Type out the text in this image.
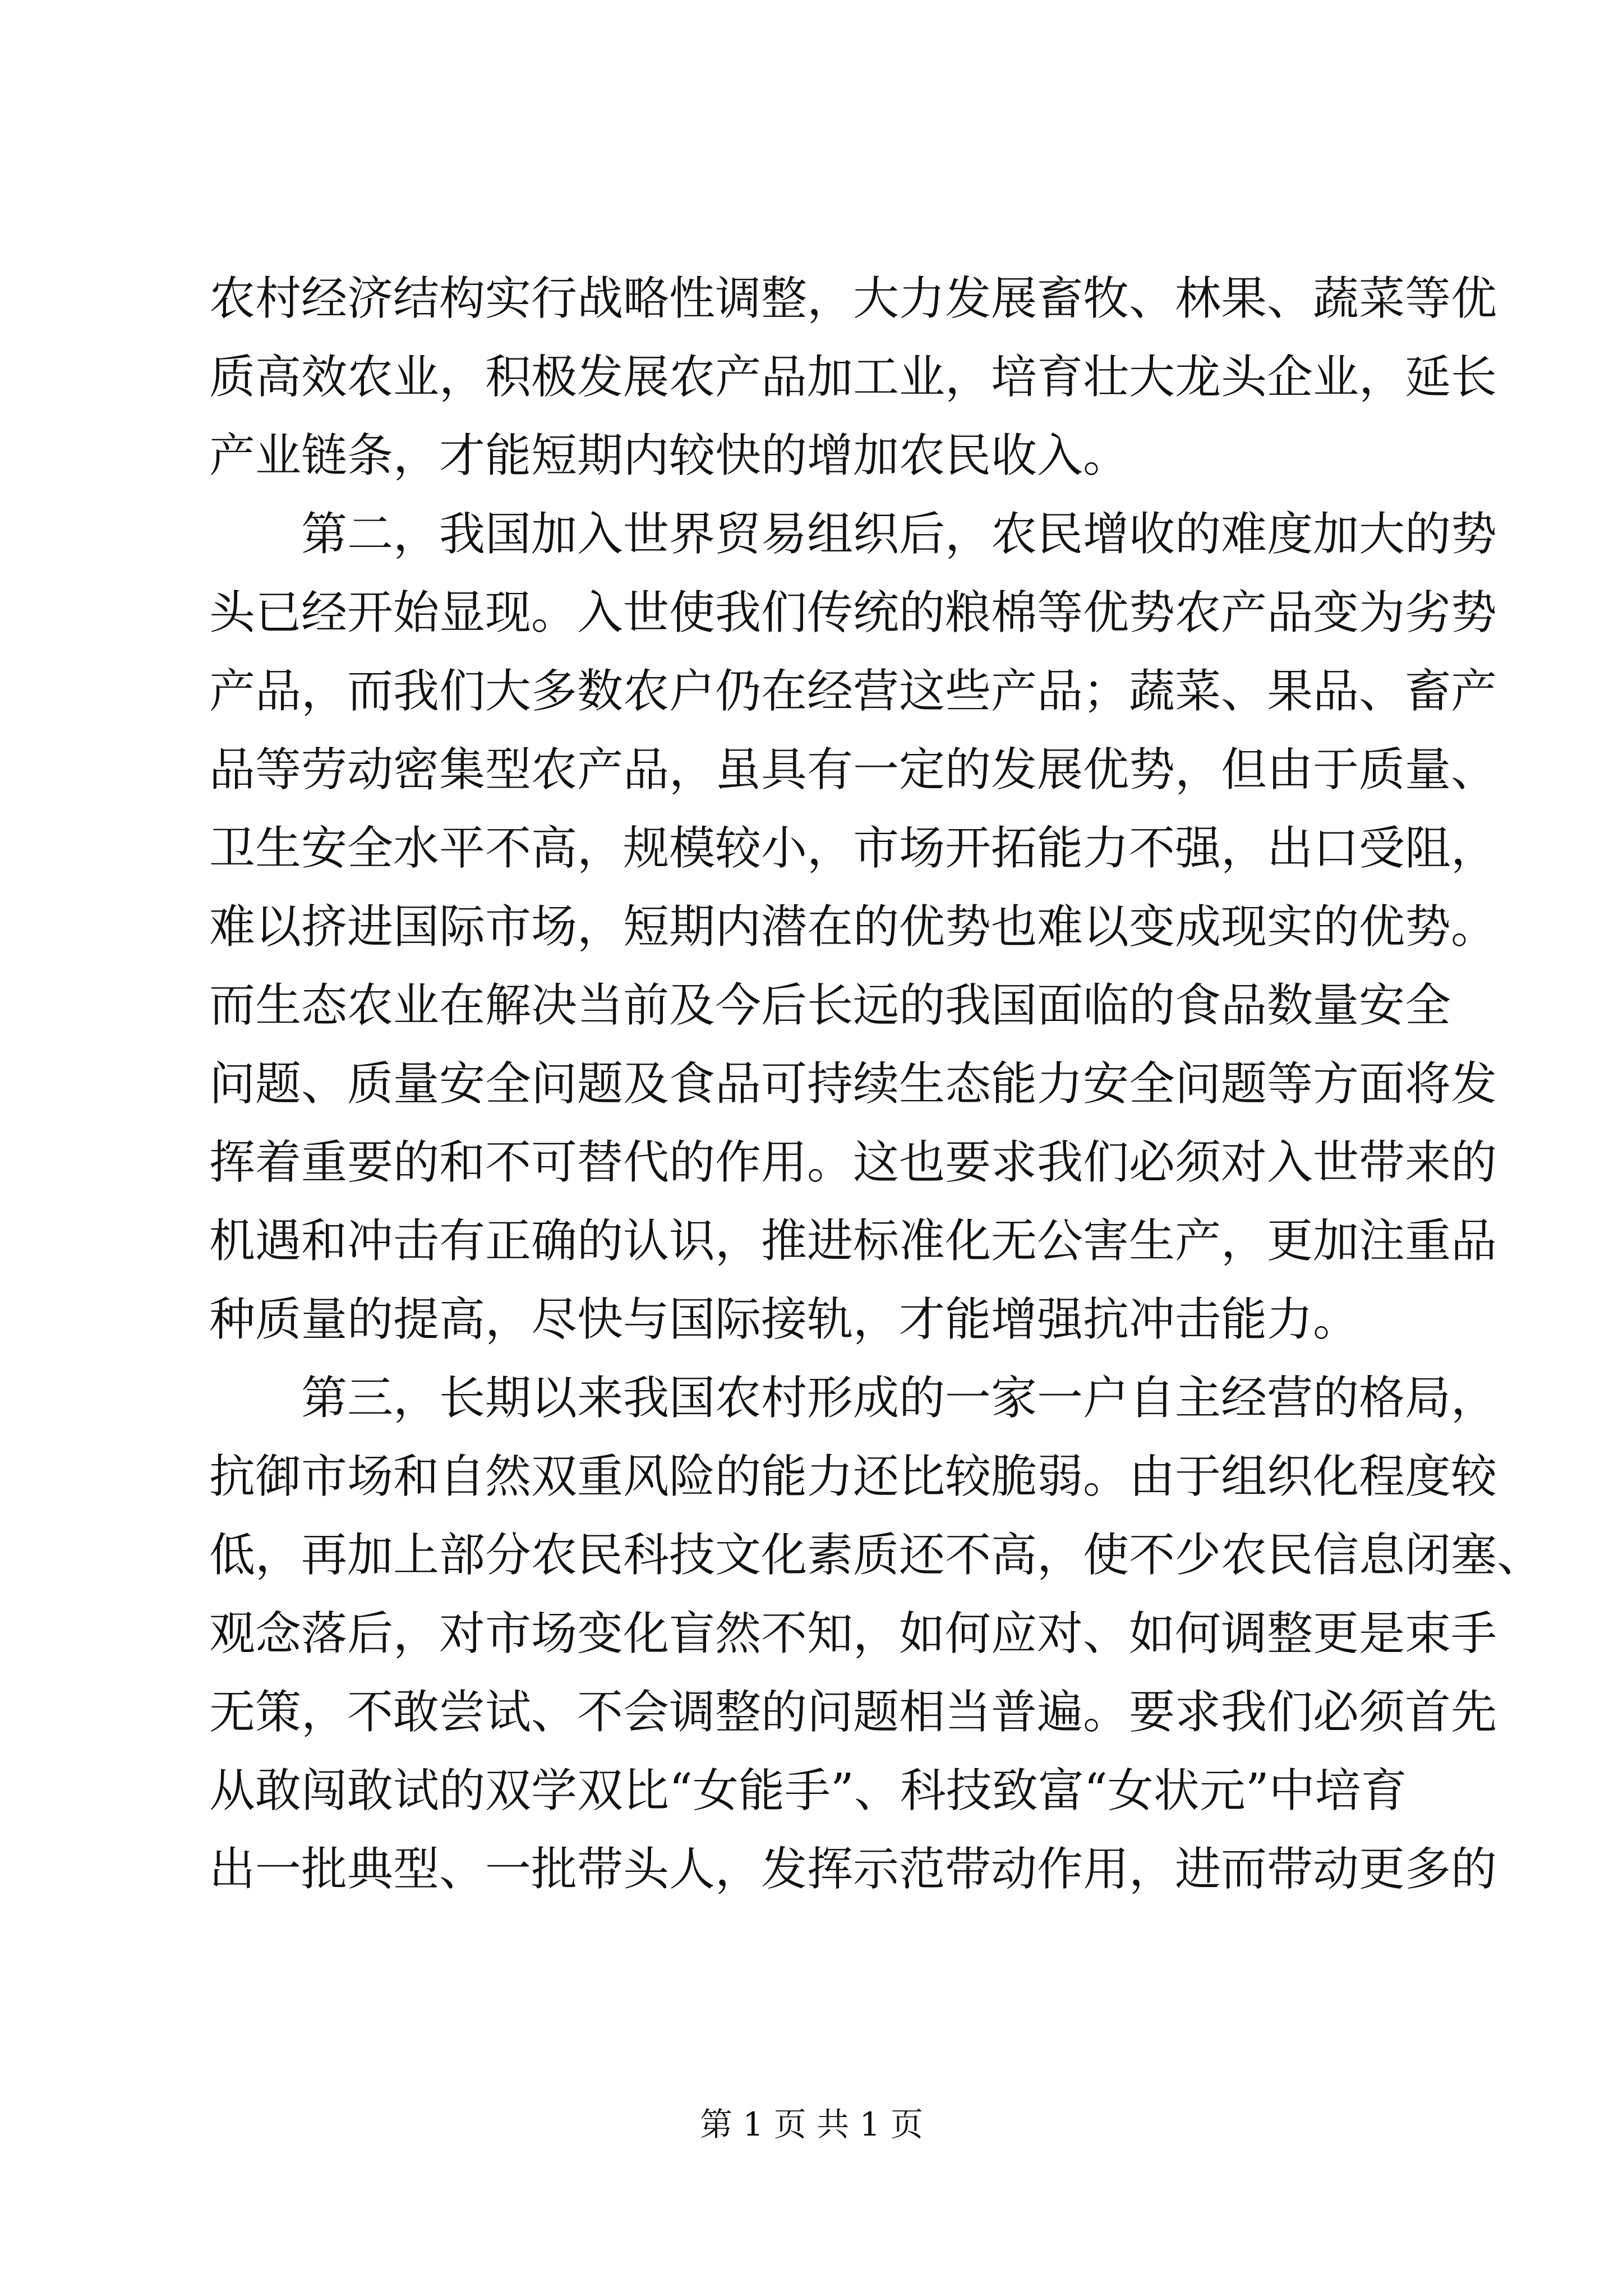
农村经济结构实行战略性调整，大力发展畜牧、林果、蔬菜等优
质高效农业，积极发展农产品加工业，培育壮大龙头企业，延长
产业链条，才能短期内较快的增加农民收入。
第二，我国加入世界贸易组织后，农民增收的难度加大的势
头已经开始显现。入世使我们传统的粮棉等优势农产品变为劣势
产品，而我们大多数农户仍在经营这些产品；蔬菜、果品、畜产
品等劳动密集型农产品，虽具有一定的发展优势，但由于质量、
卫生安全水平不高，规模较小，市场开拓能力不强，出口受阻，
难以挤进国际市场，短期内潜在的优势也难以变成现实的优势。
而生态农业在解决当前及今后长远的我国面临的食品数量安全
问题、质量安全问题及食品可持续生态能力安全问题等方面将发
挥着重要的和不可替代的作用。这也要求我们必须对入世带来的
机遇和冲击有正确的认识，推进标准化无公害生产，更加注重品
种质量的提高，尽快与国际接轨，才能增强抗冲击能力。
第三，长期以来我国农村形成的一家一户自主经营的格局，
抗御市场和自然双重风险的能力还比较脆弱。由于组织化程度较
低，再加上部分农民科技文化素质还不高，使不少农民信息闭塞、
观念落后，对市场变化盲然不知，如何应对、如何调整更是束手
无策，不敢尝试、不会调整的问题相当普遍。要求我们必须首先
从敢闯敢试的双学双比“女能手”、科技致富“女状元”中培育
出一批典型、一批带头人，发挥示范带动作用，进而带动更多的
第 1 页 共 1 页
